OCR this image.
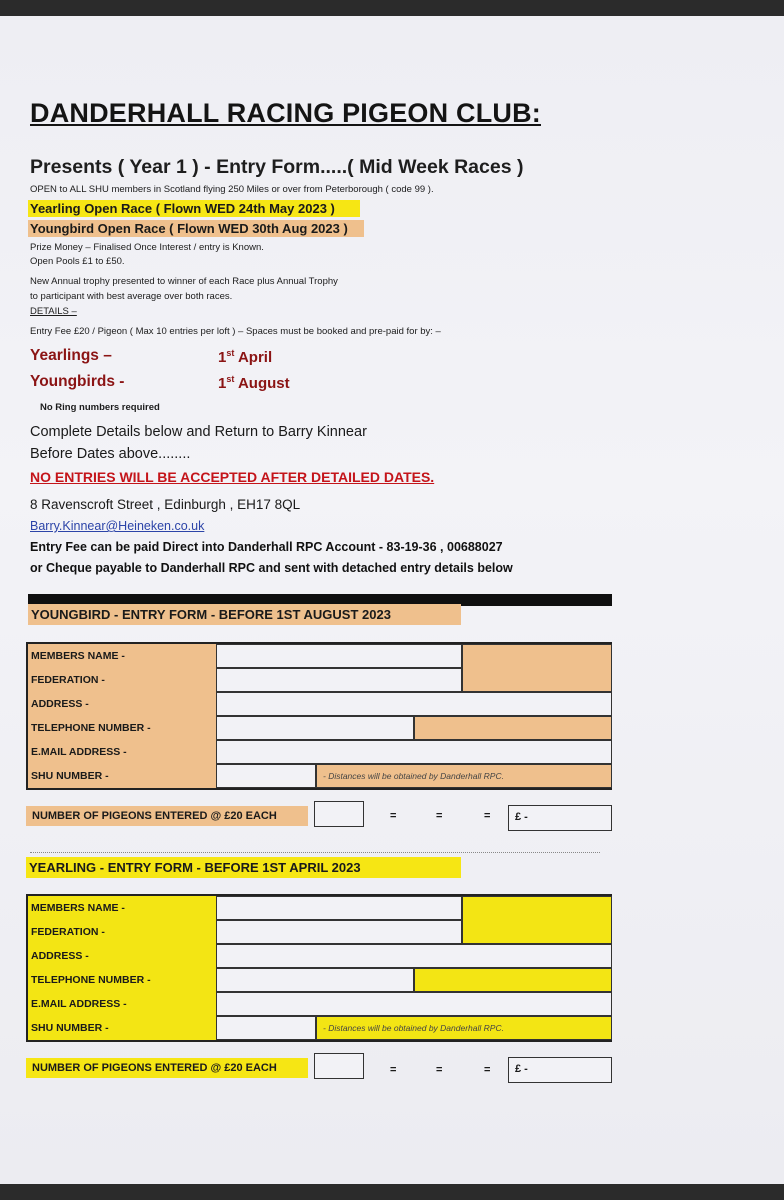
DANDERHALL RACING PIGEON CLUB:
Presents ( Year 1 ) - Entry Form.....( Mid Week Races )
OPEN to ALL SHU members in Scotland flying 250 Miles or over from Peterborough ( code 99 ).
Yearling Open Race ( Flown WED 24th May 2023 )
Youngbird Open Race ( Flown WED 30th Aug 2023 )
Prize Money – Finalised Once Interest / entry is Known.
Open Pools £1 to £50.
New Annual trophy presented to winner of each Race plus Annual Trophy
to participant with best average over both races.
DETAILS –
Entry Fee £20 / Pigeon ( Max 10 entries per loft ) – Spaces must be booked and pre-paid for by: –
Yearlings –	1st April
Youngbirds -	1st August
No Ring numbers required
Complete Details below and Return to Barry Kinnear
Before Dates above........
NO ENTRIES WILL BE ACCEPTED AFTER DETAILED DATES.
8 Ravenscroft Street , Edinburgh , EH17 8QL
Barry.Kinnear@Heineken.co.uk
Entry Fee can be paid Direct into Danderhall RPC Account - 83-19-36 , 00688027
or Cheque payable to Danderhall RPC and sent with detached entry details below
YOUNGBIRD - ENTRY FORM - BEFORE 1ST AUGUST 2023
MEMBERS NAME -
FEDERATION -
ADDRESS -
TELEPHONE NUMBER -
E.MAIL ADDRESS -
SHU NUMBER -	- Distances will be obtained by Danderhall RPC.
NUMBER OF PIGEONS ENTERED @ £20 EACH	=	=	= £ -
YEARLING - ENTRY FORM - BEFORE 1ST APRIL 2023
MEMBERS NAME -
FEDERATION -
ADDRESS -
TELEPHONE NUMBER -
E.MAIL ADDRESS -
SHU NUMBER -	- Distances will be obtained by Danderhall RPC.
NUMBER OF PIGEONS ENTERED @ £20 EACH	=	=	= £ -
